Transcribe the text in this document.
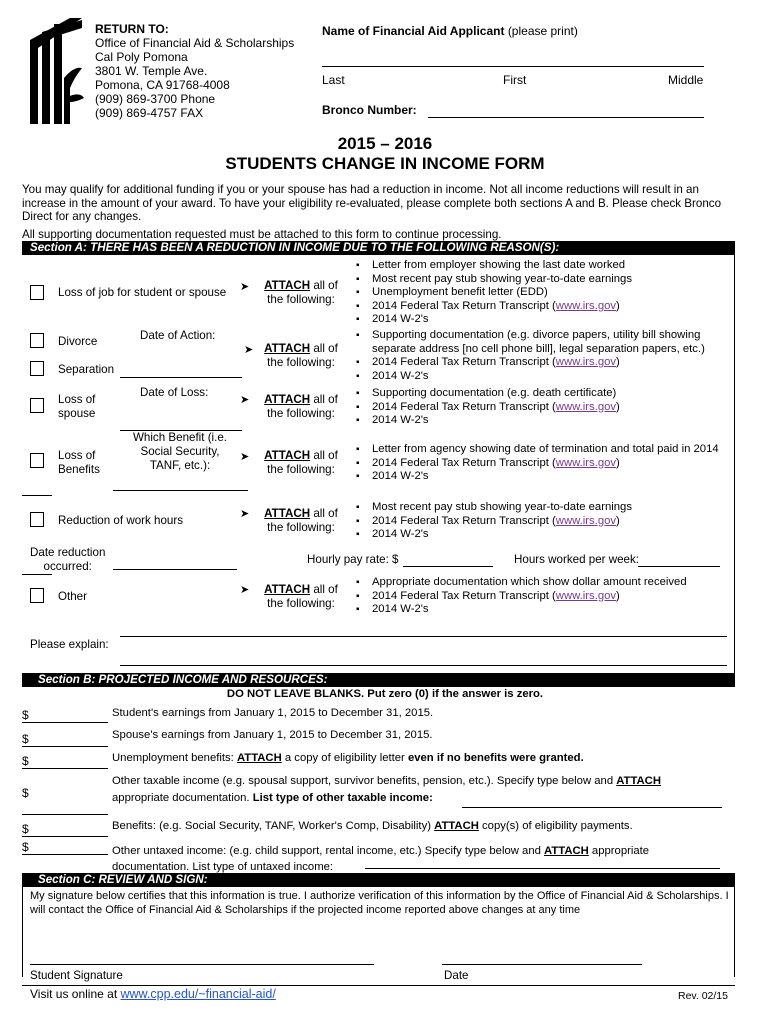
RETURN TO:
Office of Financial Aid & Scholarships
Cal Poly Pomona
3801 W. Temple Ave.
Pomona, CA 91768-4008
(909) 869-3700 Phone
(909) 869-4757 FAX
Name of Financial Aid Applicant (please print)
Last	First	Middle
Bronco Number:
2015 – 2016
STUDENTS CHANGE IN INCOME FORM
You may qualify for additional funding if you or your spouse has had a reduction in income. Not all income reductions will result in an increase in the amount of your award. To have your eligibility re-evaluated, please complete both sections A and B. Please check Bronco Direct for any changes.
All supporting documentation requested must be attached to this form to continue processing.
Section A: THERE HAS BEEN A REDUCTION IN INCOME DUE TO THE FOLLOWING REASON(S):
Loss of job for student or spouse ➤	ATTACH all of
the following:
▪ Letter from employer showing the last date worked
▪ Most recent pay stub showing year-to-date earnings
▪ Unemployment benefit letter (EDD)
▪ 2014 Federal Tax Return Transcript (www.irs.gov)
▪ 2014 W-2's
Divorce
Separation
Date of Action:
➤ ATTACH all of
the following:
▪ Supporting documentation (e.g. divorce papers, utility bill showing
separate address [no cell phone bill], legal separation papers, etc.)
▪ 2014 Federal Tax Return Transcript (www.irs.gov)
▪ 2014 W-2's
Loss of
spouse
Date of Loss:
➤	ATTACH all of
the following:
▪ Supporting documentation (e.g. death certificate)
▪ 2014 Federal Tax Return Transcript (www.irs.gov)
▪ 2014 W-2's
Loss of
Benefits
Which Benefit (i.e.
Social Security,
TANF, etc.):
➤	ATTACH all of
the following:
▪ Letter from agency showing date of termination and total paid in 2014
▪ 2014 Federal Tax Return Transcript (www.irs.gov)
▪ 2014 W-2's
Reduction of work hours	➤	ATTACH all of
the following:
▪ Most recent pay stub showing year-to-date earnings
▪ 2014 Federal Tax Return Transcript (www.irs.gov)
▪ 2014 W-2's
Date reduction
occurred:
Hourly pay rate: $	Hours worked per week:
Other	➤	ATTACH all of
the following:
▪ Appropriate documentation which show dollar amount received
▪ 2014 Federal Tax Return Transcript (www.irs.gov)
▪ 2014 W-2's
Please explain:
Section B: PROJECTED INCOME AND RESOURCES:
DO NOT LEAVE BLANKS. Put zero (0) if the answer is zero.
$	Student's earnings from January 1, 2015 to December 31, 2015.
$	Spouse's earnings from January 1, 2015 to December 31, 2015.
$	Unemployment benefits: ATTACH a copy of eligibility letter even if no benefits were granted.
$
Other taxable income (e.g. spousal support, survivor benefits, pension, etc.). Specify type below and ATTACH
appropriate documentation. List type of other taxable income:
$	Benefits: (e.g. Social Security, TANF, Worker's Comp, Disability) ATTACH copy(s) of eligibility payments.
$	Other untaxed income: (e.g. child support, rental income, etc.) Specify type below and ATTACH appropriate
documentation. List type of untaxed income:
Section C: REVIEW AND SIGN:
My signature below certifies that this information is true. I authorize verification of this information by the Office of Financial Aid & Scholarships. I will contact the Office of Financial Aid & Scholarships if the projected income reported above changes at any time
Student Signature	Date
Visit us online at www.cpp.edu/~financial-aid/	Rev. 02/15
